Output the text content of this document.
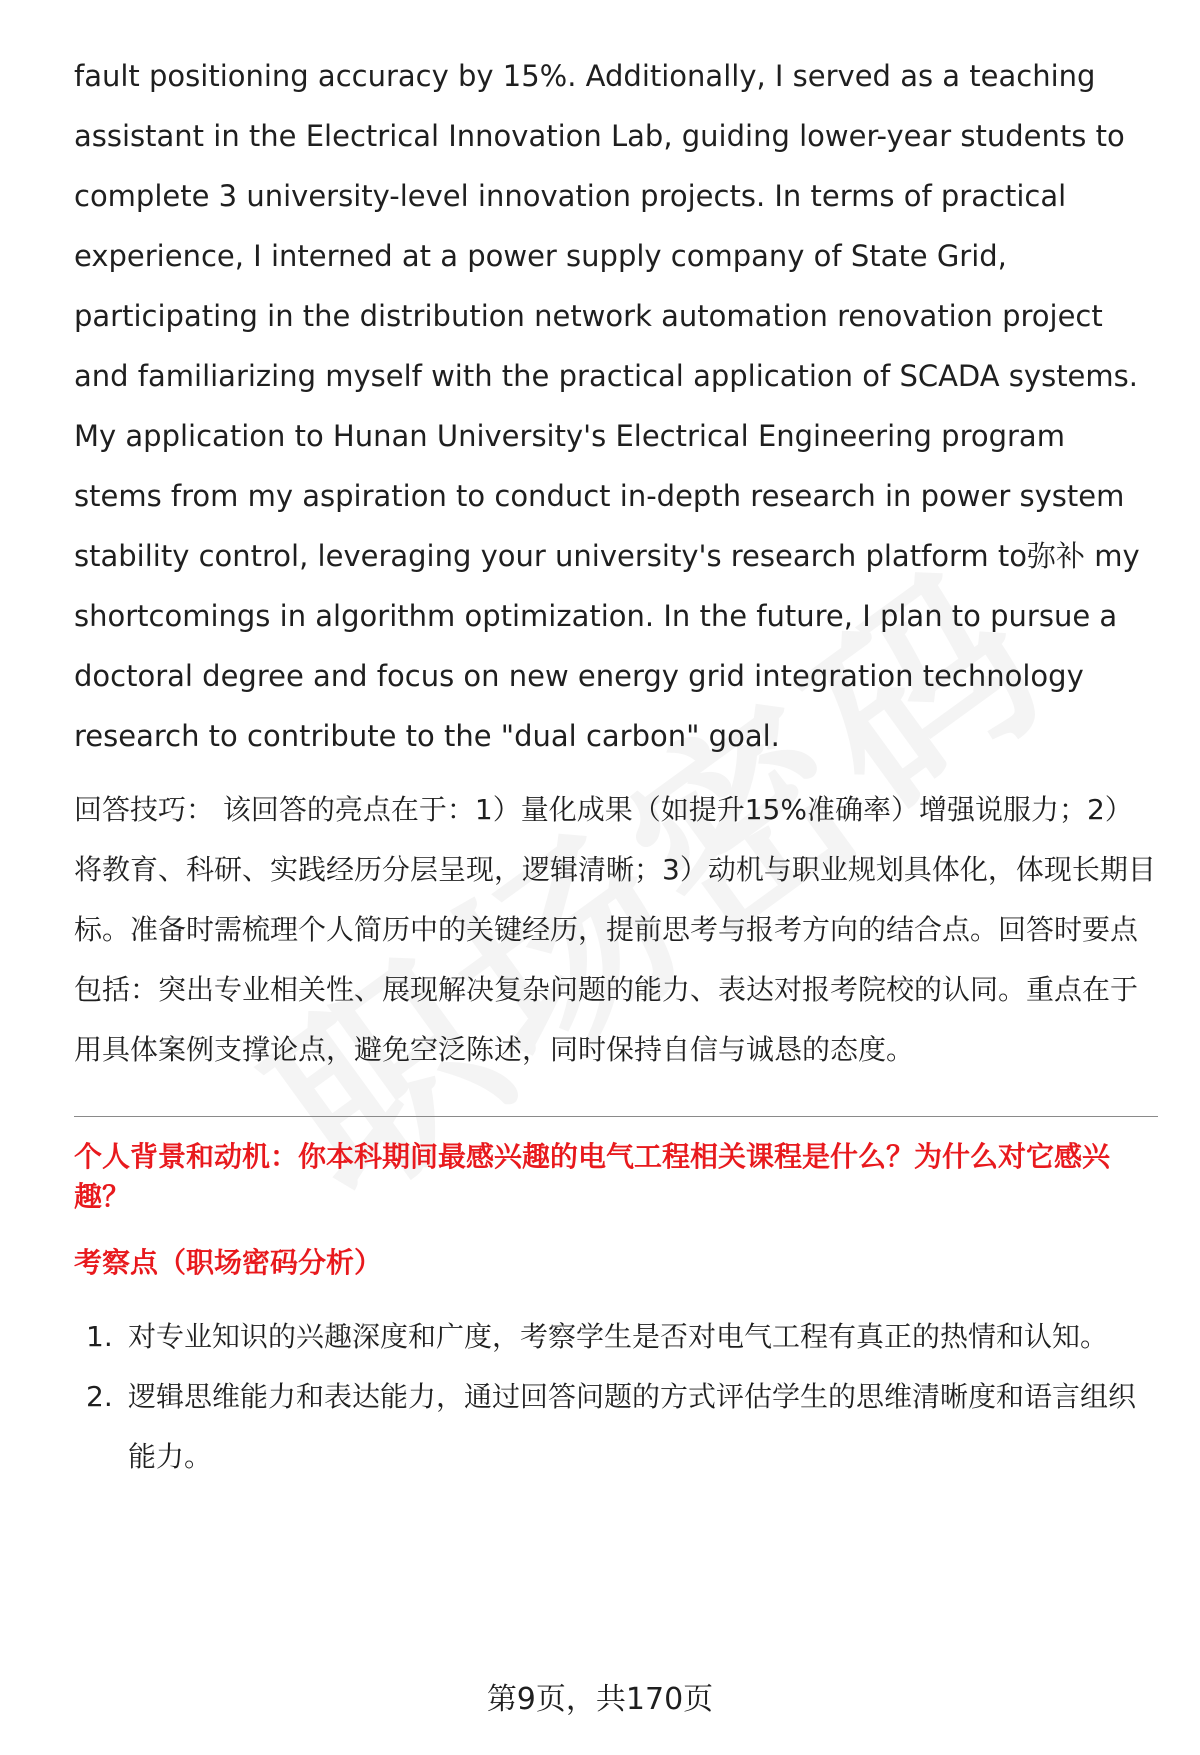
fault positioning accuracy by 15%. Additionally, I served as a teaching assistant in the Electrical Innovation Lab, guiding lower-year students to complete 3 university-level innovation projects. In terms of practical experience, I interned at a power supply company of State Grid, participating in the distribution network automation renovation project and familiarizing myself with the practical application of SCADA systems. My application to Hunan University's Electrical Engineering program stems from my aspiration to conduct in-depth research in power system stability control, leveraging your university's research platform to弥补 my shortcomings in algorithm optimization. In the future, I plan to pursue a doctoral degree and focus on new energy grid integration technology research to contribute to the "dual carbon" goal.

回答技巧： 该回答的亮点在于：1）量化成果（如提升15%准确率）增强说服力；2）将教育、科研、实践经历分层呈现，逻辑清晰；3）动机与职业规划具体化，体现长期目标。准备时需梳理个人简历中的关键经历，提前思考与报考方向的结合点。回答时要点包括：突出专业相关性、展现解决复杂问题的能力、表达对报考院校的认同。重点在于用具体案例支撑论点，避免空泛陈述，同时保持自信与诚恳的态度。

个人背景和动机：你本科期间最感兴趣的电气工程相关课程是什么？为什么对它感兴趣？
考察点（职场密码分析）
1. 对专业知识的兴趣深度和广度，考察学生是否对电气工程有真正的热情和认知。
2. 逻辑思维能力和表达能力，通过回答问题的方式评估学生的思维清晰度和语言组织能力。
第9页，共170页
